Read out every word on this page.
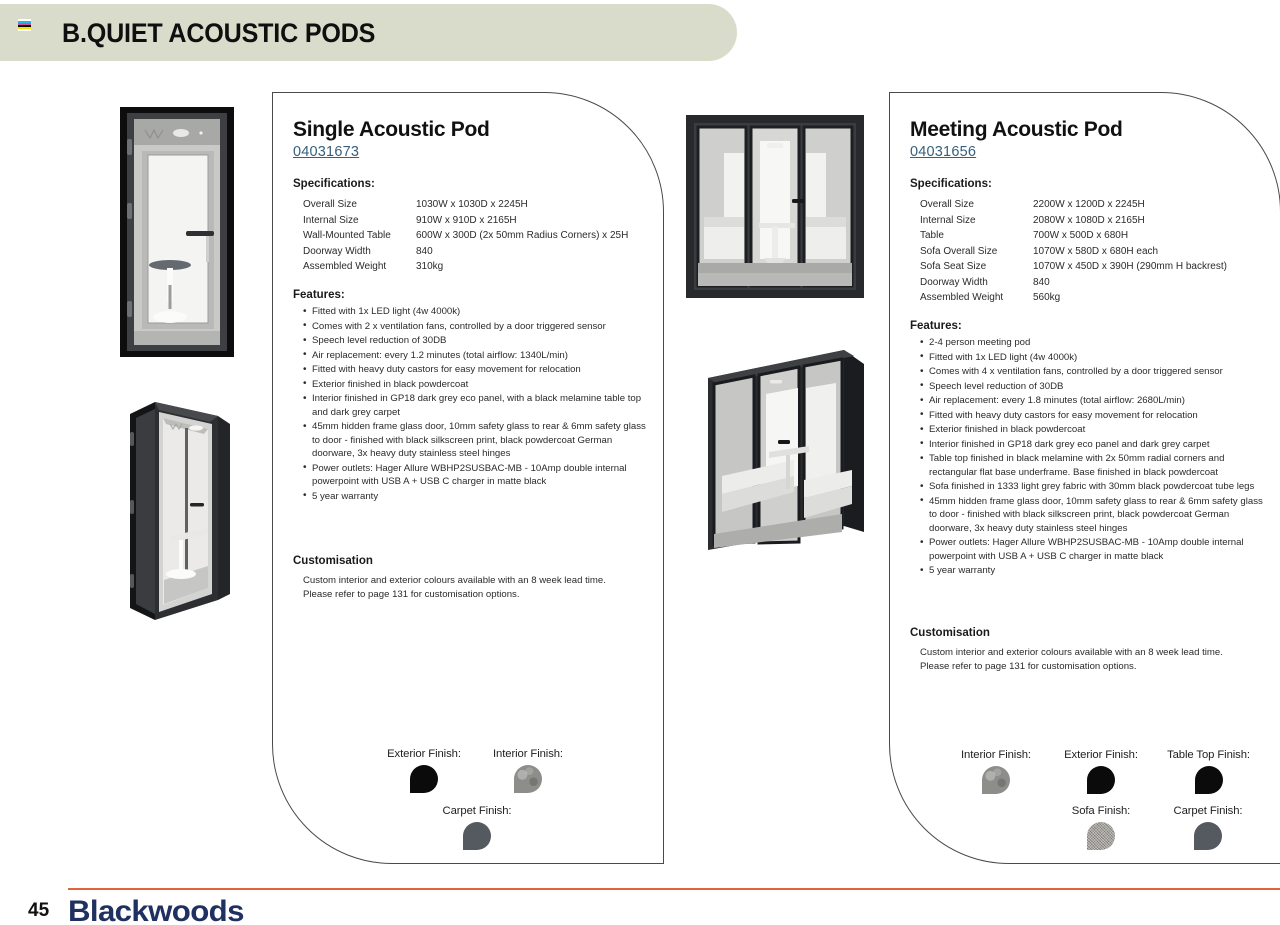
B.QUIET ACOUSTIC PODS
Single Acoustic Pod
04031673
Specifications:
Overall Size	1030W x 1030D x 2245H
Internal Size	910W x 910D x 2165H
Wall-Mounted Table	600W x 300D (2x 50mm Radius Corners) x 25H
Doorway Width	840
Assembled Weight	310kg
Features:
• Fitted with 1x LED light (4w 4000k)
• Comes with 2 x ventilation fans, controlled by a door triggered sensor
• Speech level reduction of 30DB
• Air replacement: every 1.2 minutes (total airflow: 1340L/min)
• Fitted with heavy duty castors for easy movement for relocation
• Exterior finished in black powdercoat
• Interior finished in GP18 dark grey eco panel, with a black melamine table top and dark grey carpet
• 45mm hidden frame glass door, 10mm safety glass to rear & 6mm safety glass to door - finished with black silkscreen print, black powdercoat German doorware, 3x heavy duty stainless steel hinges
• Power outlets: Hager Allure WBHP2SUSBAC-MB - 10Amp double internal powerpoint with USB A + USB C charger in matte black
• 5 year warranty
Customisation
Custom interior and exterior colours available with an 8 week lead time.
Please refer to page 131 for customisation options.
Exterior Finish:	Interior Finish:
Carpet Finish:
Meeting Acoustic Pod
04031656
Specifications:
Overall Size	2200W x 1200D x 2245H
Internal Size	2080W x 1080D x 2165H
Table	700W x 500D x 680H
Sofa Overall Size	1070W x 580D x 680H each
Sofa Seat Size	1070W x 450D x 390H (290mm H backrest)
Doorway Width	840
Assembled Weight	560kg
Features:
• 2-4 person meeting pod
• Fitted with 1x LED light (4w 4000k)
• Comes with 4 x ventilation fans, controlled by a door triggered sensor
• Speech level reduction of 30DB
• Air replacement: every 1.8 minutes (total airflow: 2680L/min)
• Fitted with heavy duty castors for easy movement for relocation
• Exterior finished in black powdercoat
• Interior finished in GP18 dark grey eco panel and dark grey carpet
• Table top finished in black melamine with 2x 50mm radial corners and rectangular flat base underframe. Base finished in black powdercoat
• Sofa finished in 1333 light grey fabric with 30mm black powdercoat tube legs
• 45mm hidden frame glass door, 10mm safety glass to rear & 6mm safety glass to door - finished with black silkscreen print, black powdercoat German doorware, 3x heavy duty stainless steel hinges
• Power outlets: Hager Allure WBHP2SUSBAC-MB - 10Amp double internal powerpoint with USB A + USB C charger in matte black
• 5 year warranty
Customisation
Custom interior and exterior colours available with an 8 week lead time.
Please refer to page 131 for customisation options.
Interior Finish:	Exterior Finish:	Table Top Finish:
Sofa Finish:	Carpet Finish:
45 Blackwoods
